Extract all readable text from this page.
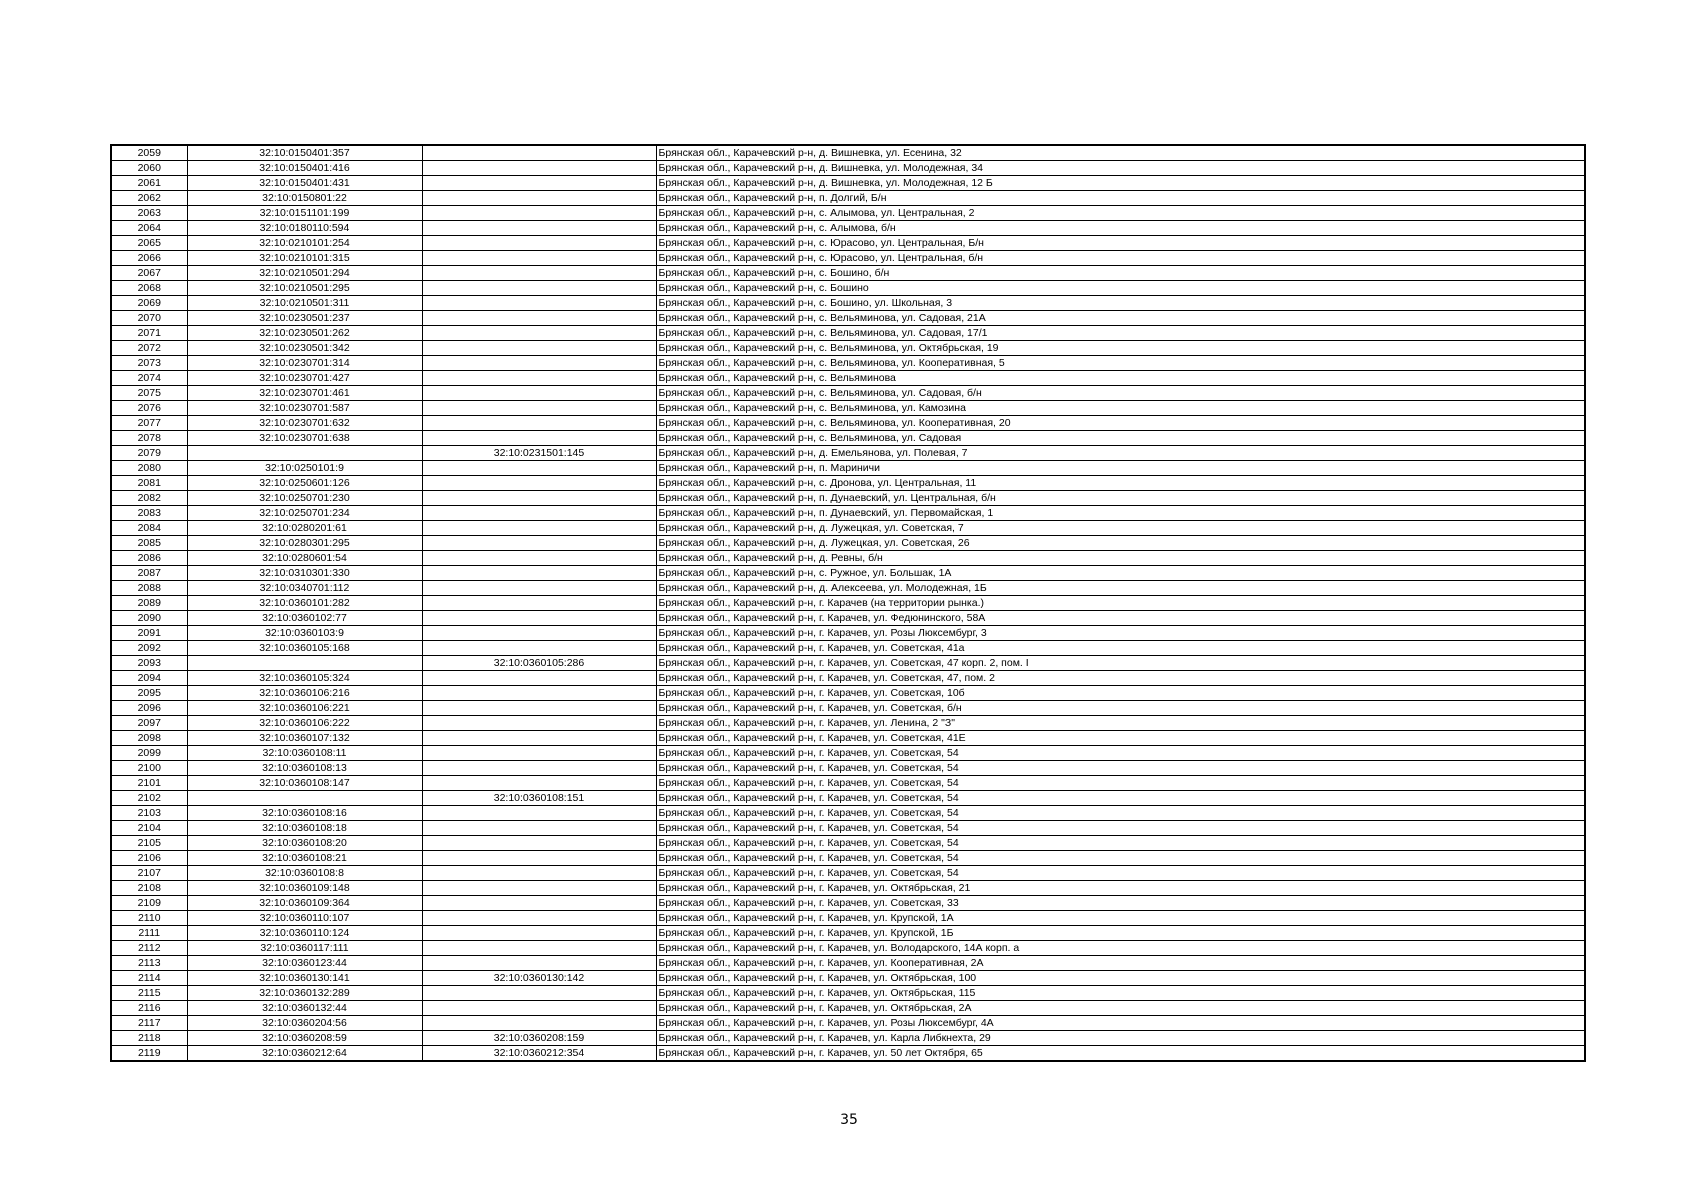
2059	32:10:0150401:357		Брянская обл., Карачевский р-н, д. Вишневка, ул. Есенина, 32
2060	32:10:0150401:416		Брянская обл., Карачевский р-н, д. Вишневка, ул. Молодежная, 34
2061	32:10:0150401:431		Брянская обл., Карачевский р-н, д. Вишневка, ул. Молодежная, 12 Б
2062	32:10:0150801:22		Брянская обл., Карачевский р-н, п. Долгий, Б/н
2063	32:10:0151101:199		Брянская обл., Карачевский р-н, с. Алымова, ул. Центральная, 2
2064	32:10:0180110:594		Брянская обл., Карачевский р-н, с. Алымова, б/н
2065	32:10:0210101:254		Брянская обл., Карачевский р-н, с. Юрасово, ул. Центральная, Б/н
2066	32:10:0210101:315		Брянская обл., Карачевский р-н, с. Юрасово, ул. Центральная, б/н
2067	32:10:0210501:294		Брянская обл., Карачевский р-н, с. Бошино, б/н
2068	32:10:0210501:295		Брянская обл., Карачевский р-н, с. Бошино
2069	32:10:0210501:311		Брянская обл., Карачевский р-н, с. Бошино, ул. Школьная, 3
2070	32:10:0230501:237		Брянская обл., Карачевский р-н, с. Вельяминова, ул. Садовая, 21А
2071	32:10:0230501:262		Брянская обл., Карачевский р-н, с. Вельяминова, ул. Садовая, 17/1
2072	32:10:0230501:342		Брянская обл., Карачевский р-н, с. Вельяминова, ул. Октябрьская, 19
2073	32:10:0230701:314		Брянская обл., Карачевский р-н, с. Вельяминова, ул. Кооперативная, 5
2074	32:10:0230701:427		Брянская обл., Карачевский р-н, с. Вельяминова
2075	32:10:0230701:461		Брянская обл., Карачевский р-н, с. Вельяминова, ул. Садовая, б/н
2076	32:10:0230701:587		Брянская обл., Карачевский р-н, с. Вельяминова, ул. Камозина
2077	32:10:0230701:632		Брянская обл., Карачевский р-н, с. Вельяминова, ул. Кооперативная, 20
2078	32:10:0230701:638		Брянская обл., Карачевский р-н, с. Вельяминова, ул. Садовая
2079		32:10:0231501:145	Брянская обл., Карачевский р-н, д. Емельянова, ул. Полевая, 7
2080	32:10:0250101:9		Брянская обл., Карачевский р-н, п. Мариничи
2081	32:10:0250601:126		Брянская обл., Карачевский р-н, с. Дронова, ул. Центральная, 11
2082	32:10:0250701:230		Брянская обл., Карачевский р-н, п. Дунаевский, ул. Центральная, б/н
2083	32:10:0250701:234		Брянская обл., Карачевский р-н, п. Дунаевский, ул. Первомайская, 1
2084	32:10:0280201:61		Брянская обл., Карачевский р-н, д. Лужецкая, ул. Советская, 7
2085	32:10:0280301:295		Брянская обл., Карачевский р-н, д. Лужецкая, ул. Советская, 26
2086	32:10:0280601:54		Брянская обл., Карачевский р-н, д. Ревны, б/н
2087	32:10:0310301:330		Брянская обл., Карачевский р-н, с. Ружное, ул. Большак, 1А
2088	32:10:0340701:112		Брянская обл., Карачевский р-н, д. Алексеева, ул. Молодежная, 1Б
2089	32:10:0360101:282		Брянская обл., Карачевский р-н, г. Карачев (на территории рынка.)
2090	32:10:0360102:77		Брянская обл., Карачевский р-н, г. Карачев, ул. Федюнинского, 58А
2091	32:10:0360103:9		Брянская обл., Карачевский р-н, г. Карачев, ул. Розы Люксембург, 3
2092	32:10:0360105:168		Брянская обл., Карачевский р-н, г. Карачев, ул. Советская, 41а
2093		32:10:0360105:286	Брянская обл., Карачевский р-н, г. Карачев, ул. Советская, 47 корп. 2, пом. I
2094	32:10:0360105:324		Брянская обл., Карачевский р-н, г. Карачев, ул. Советская, 47, пом. 2
2095	32:10:0360106:216		Брянская обл., Карачевский р-н, г. Карачев, ул. Советская, 10б
2096	32:10:0360106:221		Брянская обл., Карачевский р-н, г. Карачев, ул. Советская, б/н
2097	32:10:0360106:222		Брянская обл., Карачевский р-н, г. Карачев, ул. Ленина, 2 "З"
2098	32:10:0360107:132		Брянская обл., Карачевский р-н, г. Карачев, ул. Советская, 41Е
2099	32:10:0360108:11		Брянская обл., Карачевский р-н, г. Карачев, ул. Советская, 54
2100	32:10:0360108:13		Брянская обл., Карачевский р-н, г. Карачев, ул. Советская, 54
2101	32:10:0360108:147		Брянская обл., Карачевский р-н, г. Карачев, ул. Советская, 54
2102		32:10:0360108:151	Брянская обл., Карачевский р-н, г. Карачев, ул. Советская, 54
2103	32:10:0360108:16		Брянская обл., Карачевский р-н, г. Карачев, ул. Советская, 54
2104	32:10:0360108:18		Брянская обл., Карачевский р-н, г. Карачев, ул. Советская, 54
2105	32:10:0360108:20		Брянская обл., Карачевский р-н, г. Карачев, ул. Советская, 54
2106	32:10:0360108:21		Брянская обл., Карачевский р-н, г. Карачев, ул. Советская, 54
2107	32:10:0360108:8		Брянская обл., Карачевский р-н, г. Карачев, ул. Советская, 54
2108	32:10:0360109:148		Брянская обл., Карачевский р-н, г. Карачев, ул. Октябрьская, 21
2109	32:10:0360109:364		Брянская обл., Карачевский р-н, г. Карачев, ул. Советская, 33
2110	32:10:0360110:107		Брянская обл., Карачевский р-н, г. Карачев, ул. Крупской, 1А
2111	32:10:0360110:124		Брянская обл., Карачевский р-н, г. Карачев, ул. Крупской, 1Б
2112	32:10:0360117:111		Брянская обл., Карачевский р-н, г. Карачев, ул. Володарского, 14А корп. а
2113	32:10:0360123:44		Брянская обл., Карачевский р-н, г. Карачев, ул. Кооперативная, 2А
2114	32:10:0360130:141	32:10:0360130:142	Брянская обл., Карачевский р-н, г. Карачев, ул. Октябрьская, 100
2115	32:10:0360132:289		Брянская обл., Карачевский р-н, г. Карачев, ул. Октябрьская, 115
2116	32:10:0360132:44		Брянская обл., Карачевский р-н, г. Карачев, ул. Октябрьская, 2А
2117	32:10:0360204:56		Брянская обл., Карачевский р-н, г. Карачев, ул. Розы Люксембург, 4А
2118	32:10:0360208:59	32:10:0360208:159	Брянская обл., Карачевский р-н, г. Карачев, ул. Карла Либкнехта, 29
2119	32:10:0360212:64	32:10:0360212:354	Брянская обл., Карачевский р-н, г. Карачев, ул. 50 лет Октября, 65
35
